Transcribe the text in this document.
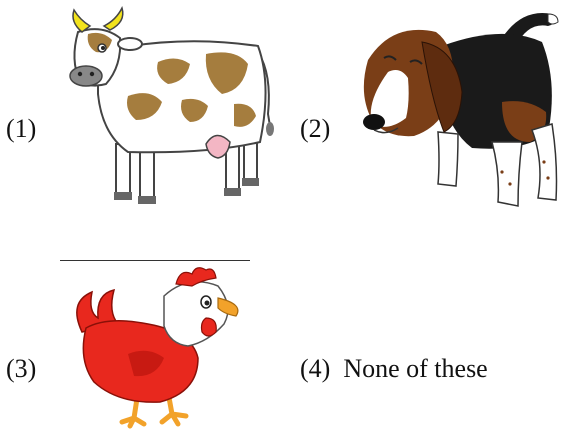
(1)	(2)
(3)	(4) None of these
